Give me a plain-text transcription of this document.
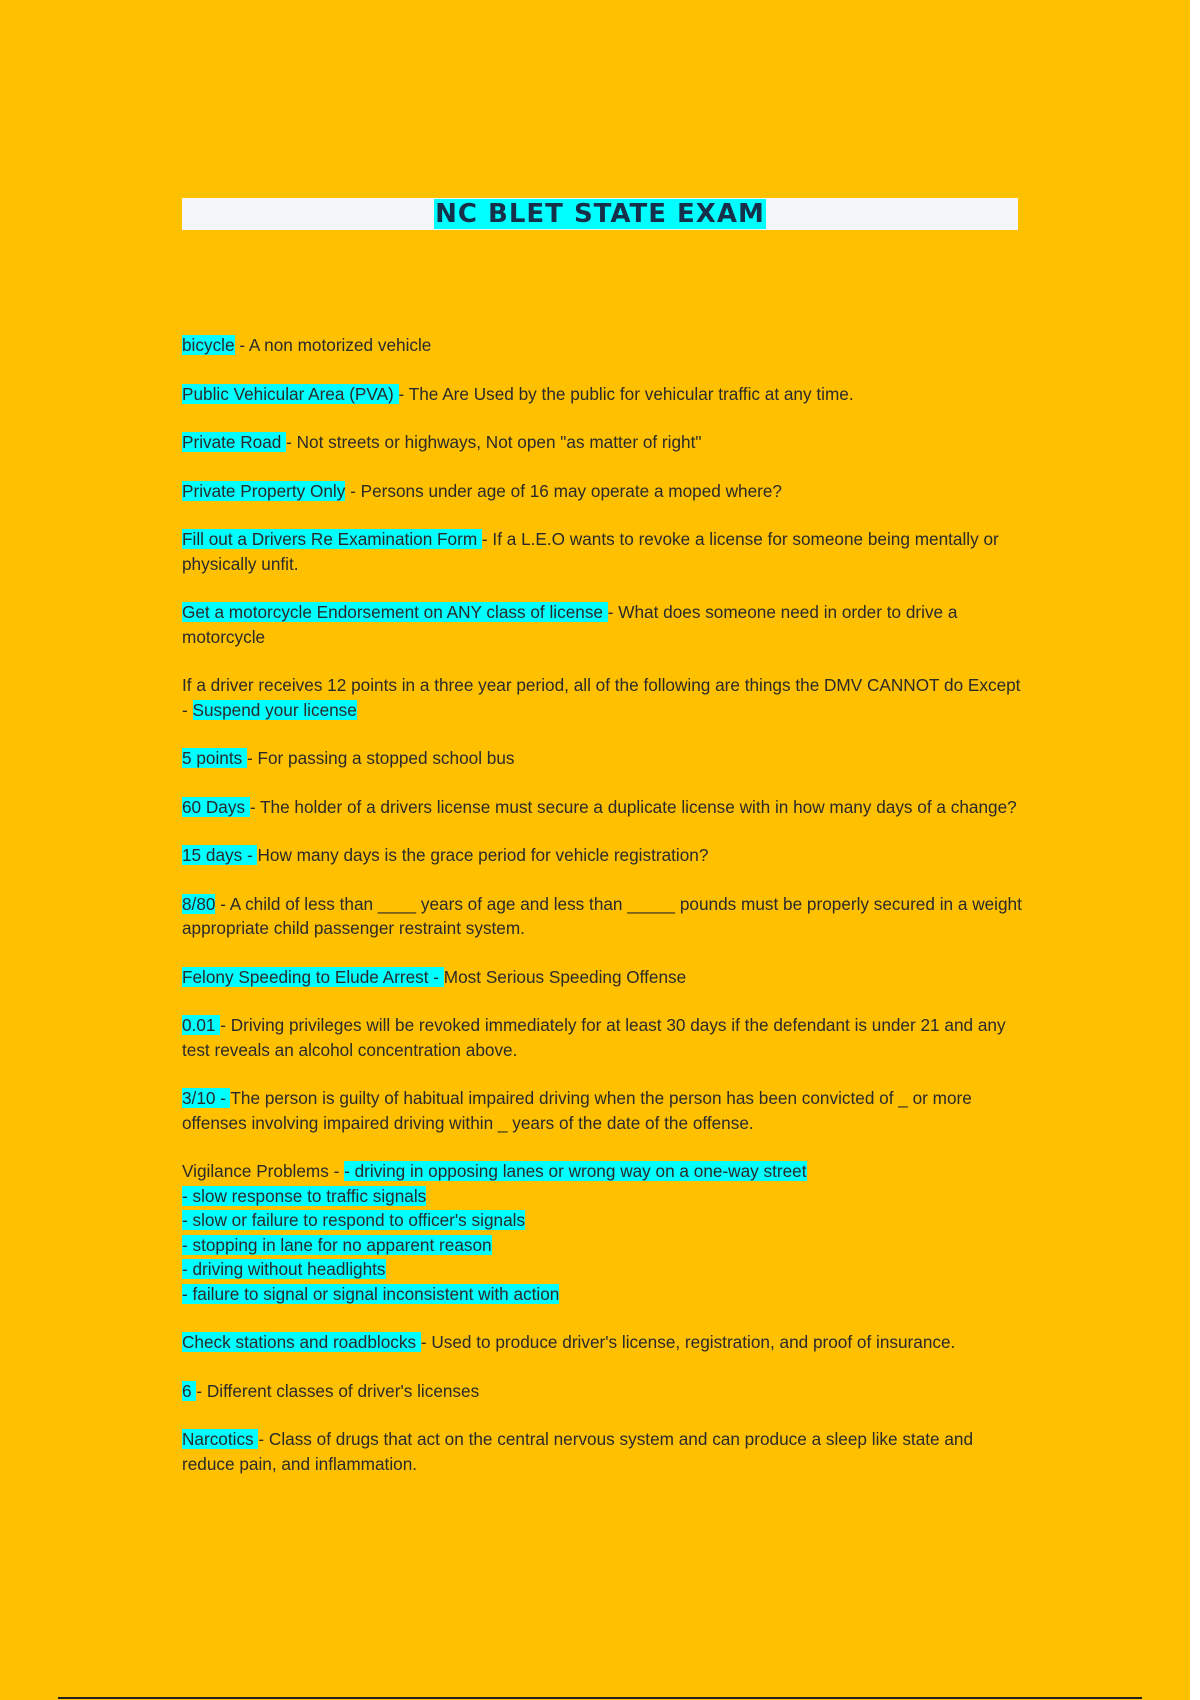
NC BLET STATE EXAM

bicycle - A non motorized vehicle

Public Vehicular Area (PVA) - The Are Used by the public for vehicular traffic at any time.

Private Road - Not streets or highways, Not open "as matter of right"

Private Property Only - Persons under age of 16 may operate a moped where?

Fill out a Drivers Re Examination Form - If a L.E.O wants to revoke a license for someone being mentally or physically unfit.

Get a motorcycle Endorsement on ANY class of license - What does someone need in order to drive a motorcycle

If a driver receives 12 points in a three year period, all of the following are things the DMV CANNOT do Except - Suspend your license

5 points - For passing a stopped school bus

60 Days - The holder of a drivers license must secure a duplicate license with in how many days of a change?

15 days - How many days is the grace period for vehicle registration?

8/80 - A child of less than ____ years of age and less than _____ pounds must be properly secured in a weight appropriate child passenger restraint system.

Felony Speeding to Elude Arrest - Most Serious Speeding Offense

0.01 - Driving privileges will be revoked immediately for at least 30 days if the defendant is under 21 and any test reveals an alcohol concentration above.

3/10 - The person is guilty of habitual impaired driving when the person has been convicted of _ or more offenses involving impaired driving within _ years of the date of the offense.

Vigilance Problems - - driving in opposing lanes or wrong way on a one-way street
- slow response to traffic signals
- slow or failure to respond to officer's signals
- stopping in lane for no apparent reason
- driving without headlights
- failure to signal or signal inconsistent with action

Check stations and roadblocks - Used to produce driver's license, registration, and proof of insurance.

6 - Different classes of driver's licenses

Narcotics - Class of drugs that act on the central nervous system and can produce a sleep like state and reduce pain, and inflammation.
